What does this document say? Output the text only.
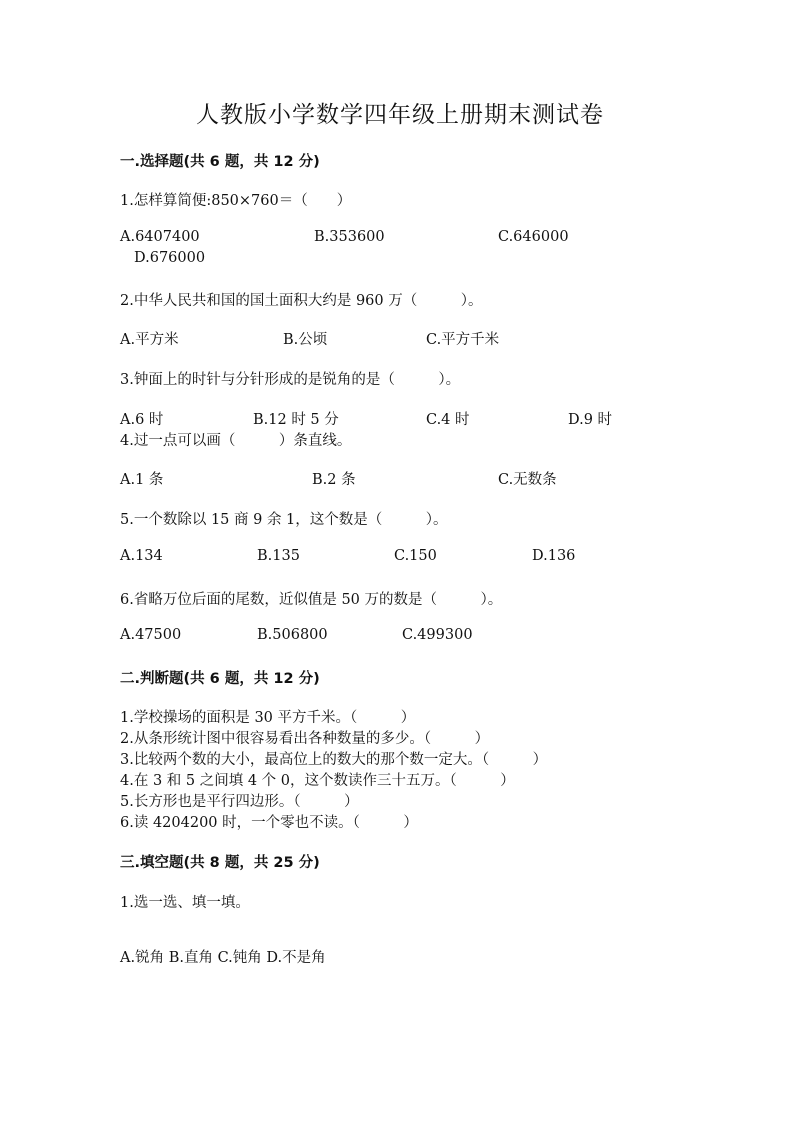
人教版小学数学四年级上册期末测试卷
一.选择题(共 6 题，共 12 分)
1.怎样算简便:850×760＝（　　）
A.6407400	B.353600	C.646000
D.676000
2.中华人民共和国的国土面积大约是 960 万（　　　）。
A.平方米	B.公顷	C.平方千米
3.钟面上的时针与分针形成的是锐角的是（　　　）。
A.6 时	B.12 时 5 分	C.4 时	D.9 时
4.过一点可以画（　　　）条直线。
A.1 条	B.2 条	C.无数条
5.一个数除以 15 商 9 余 1，这个数是（　　　）。
A.134	B.135	C.150	D.136
6.省略万位后面的尾数，近似值是 50 万的数是（　　　）。
A.47500	B.506800	C.499300
二.判断题(共 6 题，共 12 分)
1.学校操场的面积是 30 平方千米。（　　　）
2.从条形统计图中很容易看出各种数量的多少。（　　　）
3.比较两个数的大小，最高位上的数大的那个数一定大。（　　　）
4.在 3 和 5 之间填 4 个 0，这个数读作三十五万。（　　　）
5.长方形也是平行四边形。（　　　）
6.读 4204200 时，一个零也不读。（　　　）
三.填空题(共 8 题，共 25 分)
1.选一选、填一填。
A.锐角 B.直角 C.钝角 D.不是角
